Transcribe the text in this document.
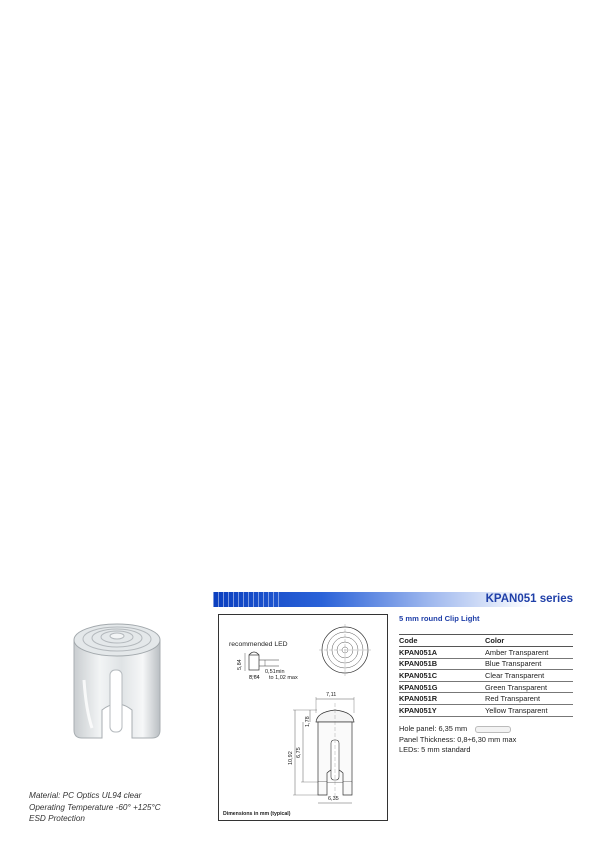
KPAN051 series
Material: PC Optics UL94 clear
Operating Temperature -60° +125°C
ESD Protection
recommended LED
5,84
0,51min
8,64 to 1,02 max
7,11
10,92 6,75
1,78
6,35
Dimensions in mm (typical)
5 mm round Clip Light
Code	Color
KPAN051A	Amber Transparent
KPAN051B	Blue Transparent
KPAN051C	Clear Transparent
KPAN051G	Green Transparent
KPAN051R	Red Transparent
KPAN051Y	Yellow Transparent
Hole panel: 6,35 mm
Panel Thickness: 0,8÷6,30 mm max
LEDs: 5 mm standard
